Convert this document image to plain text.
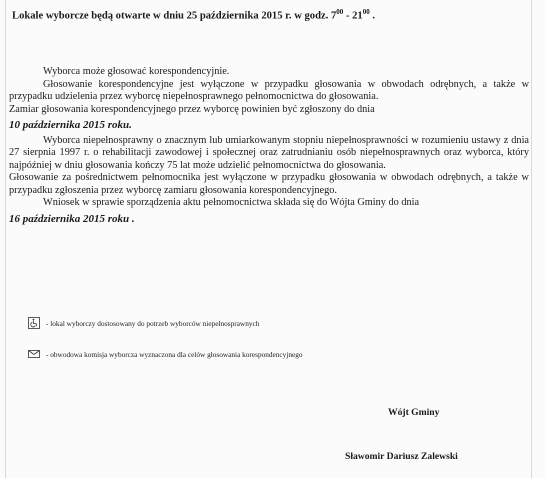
Lokale wyborcze będą otwarte w dniu 25 października 2015 r. w godz. $7^{00} - 21^{00}$ .

Wyborca może głosować korespondencyjnie.

Głosowanie korespondencyjne jest wyłączone w przypadku głosowania w obwodach odrębnych, a także w przypadku udzielenia przez wyborcę niepełnosprawnego pełnomocnictwa do głosowania.

Zamiar głosowania korespondencyjnego przez wyborcę powinien być zgłoszony do dnia

10 października 2015 roku.

Wyborca niepełnosprawny o znacznym lub umiarkowanym stopniu niepełnosprawności w rozumieniu ustawy z dnia 27 sierpnia 1997 r. o rehabilitacji zawodowej i społecznej oraz zatrudnianiu osób niepełnosprawnych oraz wyborca, który najpóźniej w dniu głosowania kończy 75 lat może udzielić pełnomocnictwa do głosowania.

Głosowanie za pośrednictwem pełnomocnika jest wyłączone w przypadku głosowania w obwodach odrębnych, a także w przypadku zgłoszenia przez wyborcę zamiaru głosowania korespondencyjnego.

Wniosek w sprawie sporządzenia aktu pełnomocnictwa składa się do Wójta Gminy do dnia

16 października 2015 roku .

- lokal wyborczy dostosowany do potrzeb wyborców niepełnosprawnych
- obwodowa komisja wyborcza wyznaczona dla celów głosowania korespondencyjnego
Wójt Gminy
Sławomir Dariusz Zalewski
